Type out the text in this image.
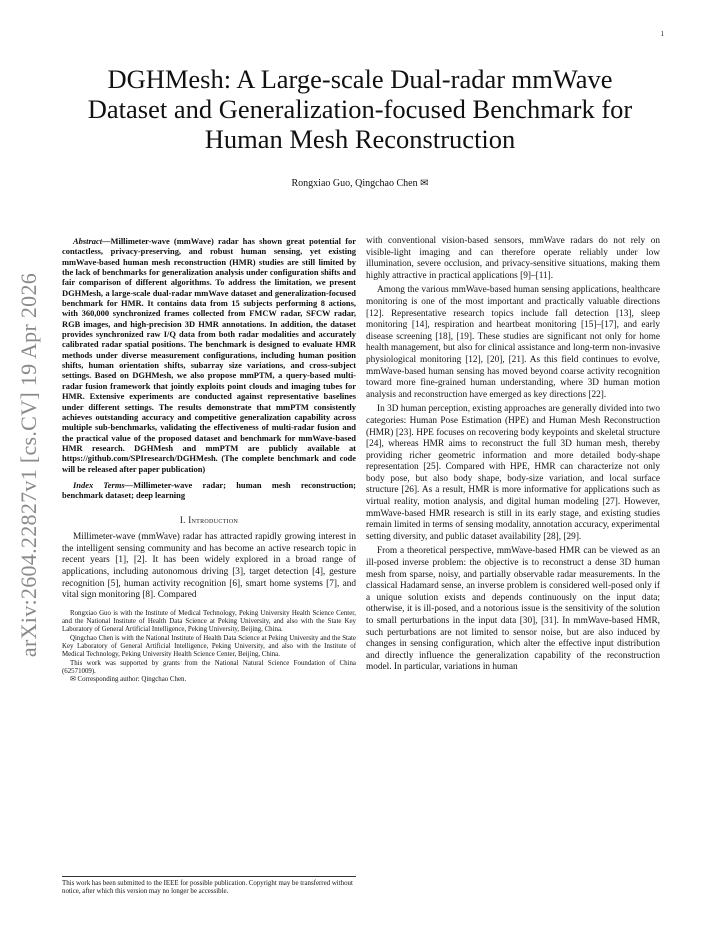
1
arXiv:2604.22827v1 [cs.CV] 19 Apr 2026
DGHMesh: A Large-scale Dual-radar mmWave Dataset and Generalization-focused Benchmark for Human Mesh Reconstruction
Rongxiao Guo, Qingchao Chen ✉

Abstract—Millimeter-wave (mmWave) radar has shown great potential for contactless, privacy-preserving, and robust human sensing, yet existing mmWave-based human mesh reconstruction (HMR) studies are still limited by the lack of benchmarks for generalization analysis under configuration shifts and fair comparison of different algorithms. To address the limitation, we present DGHMesh, a large-scale dual-radar mmWave dataset and generalization-focused benchmark for HMR. It contains data from 15 subjects performing 8 actions, with 360,000 synchronized frames collected from FMCW radar, SFCW radar, RGB images, and high-precision 3D HMR annotations. In addition, the dataset provides synchronized raw I/Q data from both radar modalities and accurately calibrated radar spatial positions. The benchmark is designed to evaluate HMR methods under diverse measurement configurations, including human position shifts, human orientation shifts, subarray size variations, and cross-subject settings. Based on DGHMesh, we also propose mmPTM, a query-based multi-radar fusion framework that jointly exploits point clouds and imaging tubes for HMR. Extensive experiments are conducted against representative baselines under different settings. The results demonstrate that mmPTM consistently achieves outstanding accuracy and competitive generalization capability across multiple sub-benchmarks, validating the effectiveness of multi-radar fusion and the practical value of the proposed dataset and benchmark for mmWave-based HMR research. DGHMesh and mmPTM are publicly available at https://github.com/SPIresearch/DGHMesh. (The complete benchmark and code will be released after paper publication)

Index Terms—Millimeter-wave radar; human mesh reconstruction; benchmark dataset; deep learning

I. Introduction

Millimeter-wave (mmWave) radar has attracted rapidly growing interest in the intelligent sensing community and has become an active research topic in recent years [1], [2]. It has been widely explored in a broad range of applications, including autonomous driving [3], target detection [4], gesture recognition [5], human activity recognition [6], smart home systems [7], and vital sign monitoring [8]. Compared

Rongxiao Guo is with the Institute of Medical Technology, Peking University Health Science Center, and the National Institute of Health Data Science at Peking University, and also with the State Key Laboratory of General Artificial Intelligence, Peking University, Beijing, China.

Qingchao Chen is with the National Institute of Health Data Science at Peking University and the State Key Laboratory of General Artificial Intelligence, Peking University, and also with the Institute of Medical Technology, Peking University Health Science Center, Beijing, China.

This work was supported by grants from the National Natural Science Foundation of China (62571009).

✉ Corresponding author: Qingchao Chen.

This work has been submitted to the IEEE for possible publication. Copyright may be transferred without notice, after which this version may no longer be accessible.

with conventional vision-based sensors, mmWave radars do not rely on visible-light imaging and can therefore operate reliably under low illumination, severe occlusion, and privacy-sensitive situations, making them highly attractive in practical applications [9]–[11].

Among the various mmWave-based human sensing applications, healthcare monitoring is one of the most important and practically valuable directions [12]. Representative research topics include fall detection [13], sleep monitoring [14], respiration and heartbeat monitoring [15]–[17], and early disease screening [18], [19]. These studies are significant not only for home health management, but also for clinical assistance and long-term non-invasive physiological monitoring [12], [20], [21]. As this field continues to evolve, mmWave-based human sensing has moved beyond coarse activity recognition toward more fine-grained human understanding, where 3D human motion analysis and reconstruction have emerged as key directions [22].

In 3D human perception, existing approaches are generally divided into two categories: Human Pose Estimation (HPE) and Human Mesh Reconstruction (HMR) [23]. HPE focuses on recovering body keypoints and skeletal structure [24], whereas HMR aims to reconstruct the full 3D human mesh, thereby providing richer geometric information and more detailed body-shape representation [25]. Compared with HPE, HMR can characterize not only body pose, but also body shape, body-size variation, and local surface structure [26]. As a result, HMR is more informative for applications such as virtual reality, motion analysis, and digital human modeling [27]. However, mmWave-based HMR research is still in its early stage, and existing studies remain limited in terms of sensing modality, annotation accuracy, experimental setting diversity, and public dataset availability [28], [29].

From a theoretical perspective, mmWave-based HMR can be viewed as an ill-posed inverse problem: the objective is to reconstruct a dense 3D human mesh from sparse, noisy, and partially observable radar measurements. In the classical Hadamard sense, an inverse problem is considered well-posed only if a unique solution exists and depends continuously on the input data; otherwise, it is ill-posed, and a notorious issue is the sensitivity of the solution to small perturbations in the input data [30], [31]. In mmWave-based HMR, such perturbations are not limited to sensor noise, but are also induced by changes in sensing configuration, which alter the effective input distribution and directly influence the generalization capability of the reconstruction model. In particular, variations in human
